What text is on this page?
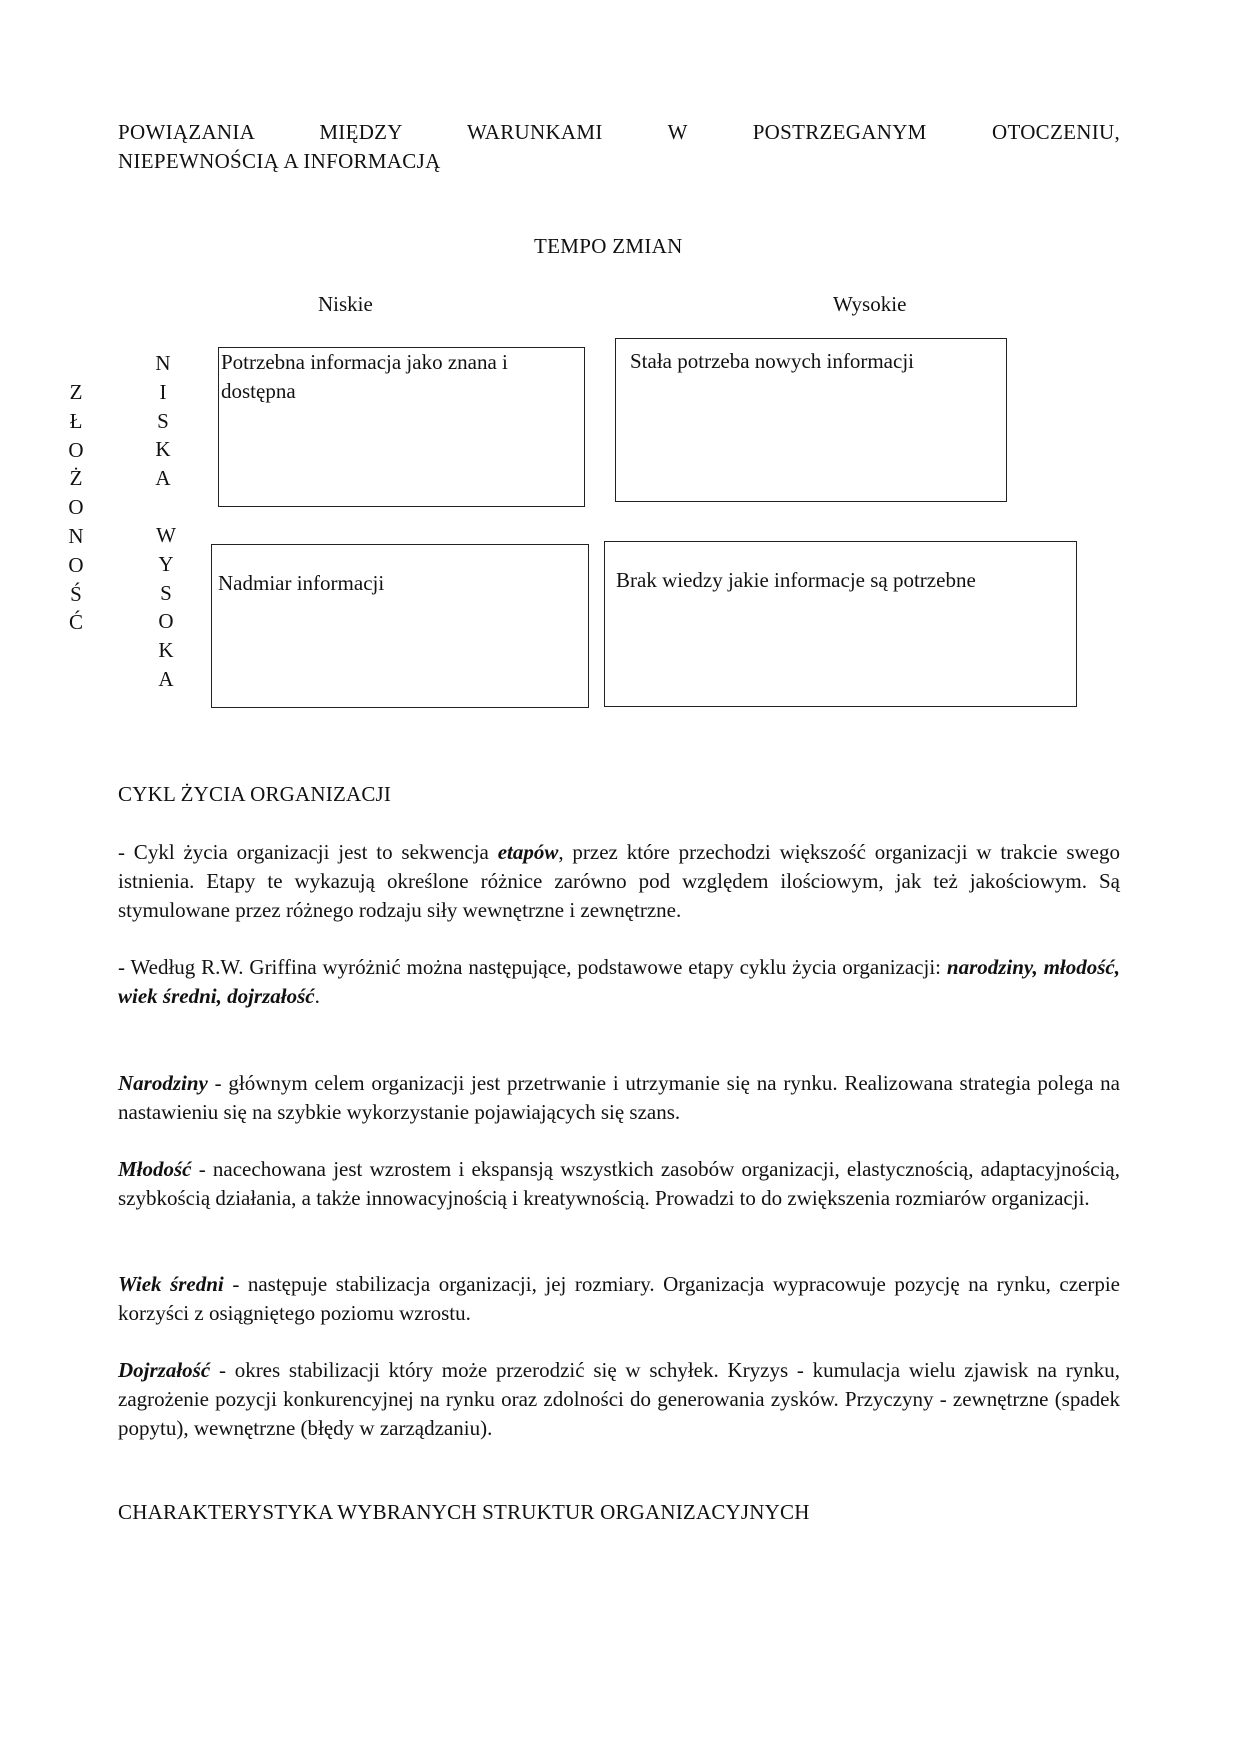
POWIĄZANIA MIĘDZY WARUNKAMI W POSTRZEGANYM OTOCZENIU,
NIEPEWNOŚCIĄ A INFORMACJĄ
TEMPO ZMIAN
Niskie	Wysokie
Z
Ł
O
Ż
O
N
O
Ś
Ć
N
I
S
K
A
W
Y
S
O
K
A
Potrzebna informacja jako znana i dostępna
Stała potrzeba nowych informacji
Nadmiar informacji	Brak wiedzy jakie informacje są potrzebne
CYKL ŻYCIA ORGANIZACJI
- Cykl życia organizacji jest to sekwencja etapów, przez które przechodzi większość organizacji w trakcie swego istnienia. Etapy te wykazują określone różnice zarówno pod względem ilościowym, jak też jakościowym. Są stymulowane przez różnego rodzaju siły wewnętrzne i zewnętrzne.
- Według R.W. Griffina wyróżnić można następujące, podstawowe etapy cyklu życia organizacji: narodziny, młodość, wiek średni, dojrzałość.
Narodziny - głównym celem organizacji jest przetrwanie i utrzymanie się na rynku. Realizowana strategia polega na nastawieniu się na szybkie wykorzystanie pojawiających się szans.
Młodość - nacechowana jest wzrostem i ekspansją wszystkich zasobów organizacji, elastycznością, adaptacyjnością, szybkością działania, a także innowacyjnością i kreatywnością. Prowadzi to do zwiększenia rozmiarów organizacji.
Wiek średni - następuje stabilizacja organizacji, jej rozmiary. Organizacja wypracowuje pozycję na rynku, czerpie korzyści z osiągniętego poziomu wzrostu.
Dojrzałość - okres stabilizacji który może przerodzić się w schyłek. Kryzys - kumulacja wielu zjawisk na rynku, zagrożenie pozycji konkurencyjnej na rynku oraz zdolności do generowania zysków. Przyczyny - zewnętrzne (spadek popytu), wewnętrzne (błędy w zarządzaniu).
CHARAKTERYSTYKA WYBRANYCH STRUKTUR ORGANIZACYJNYCH
